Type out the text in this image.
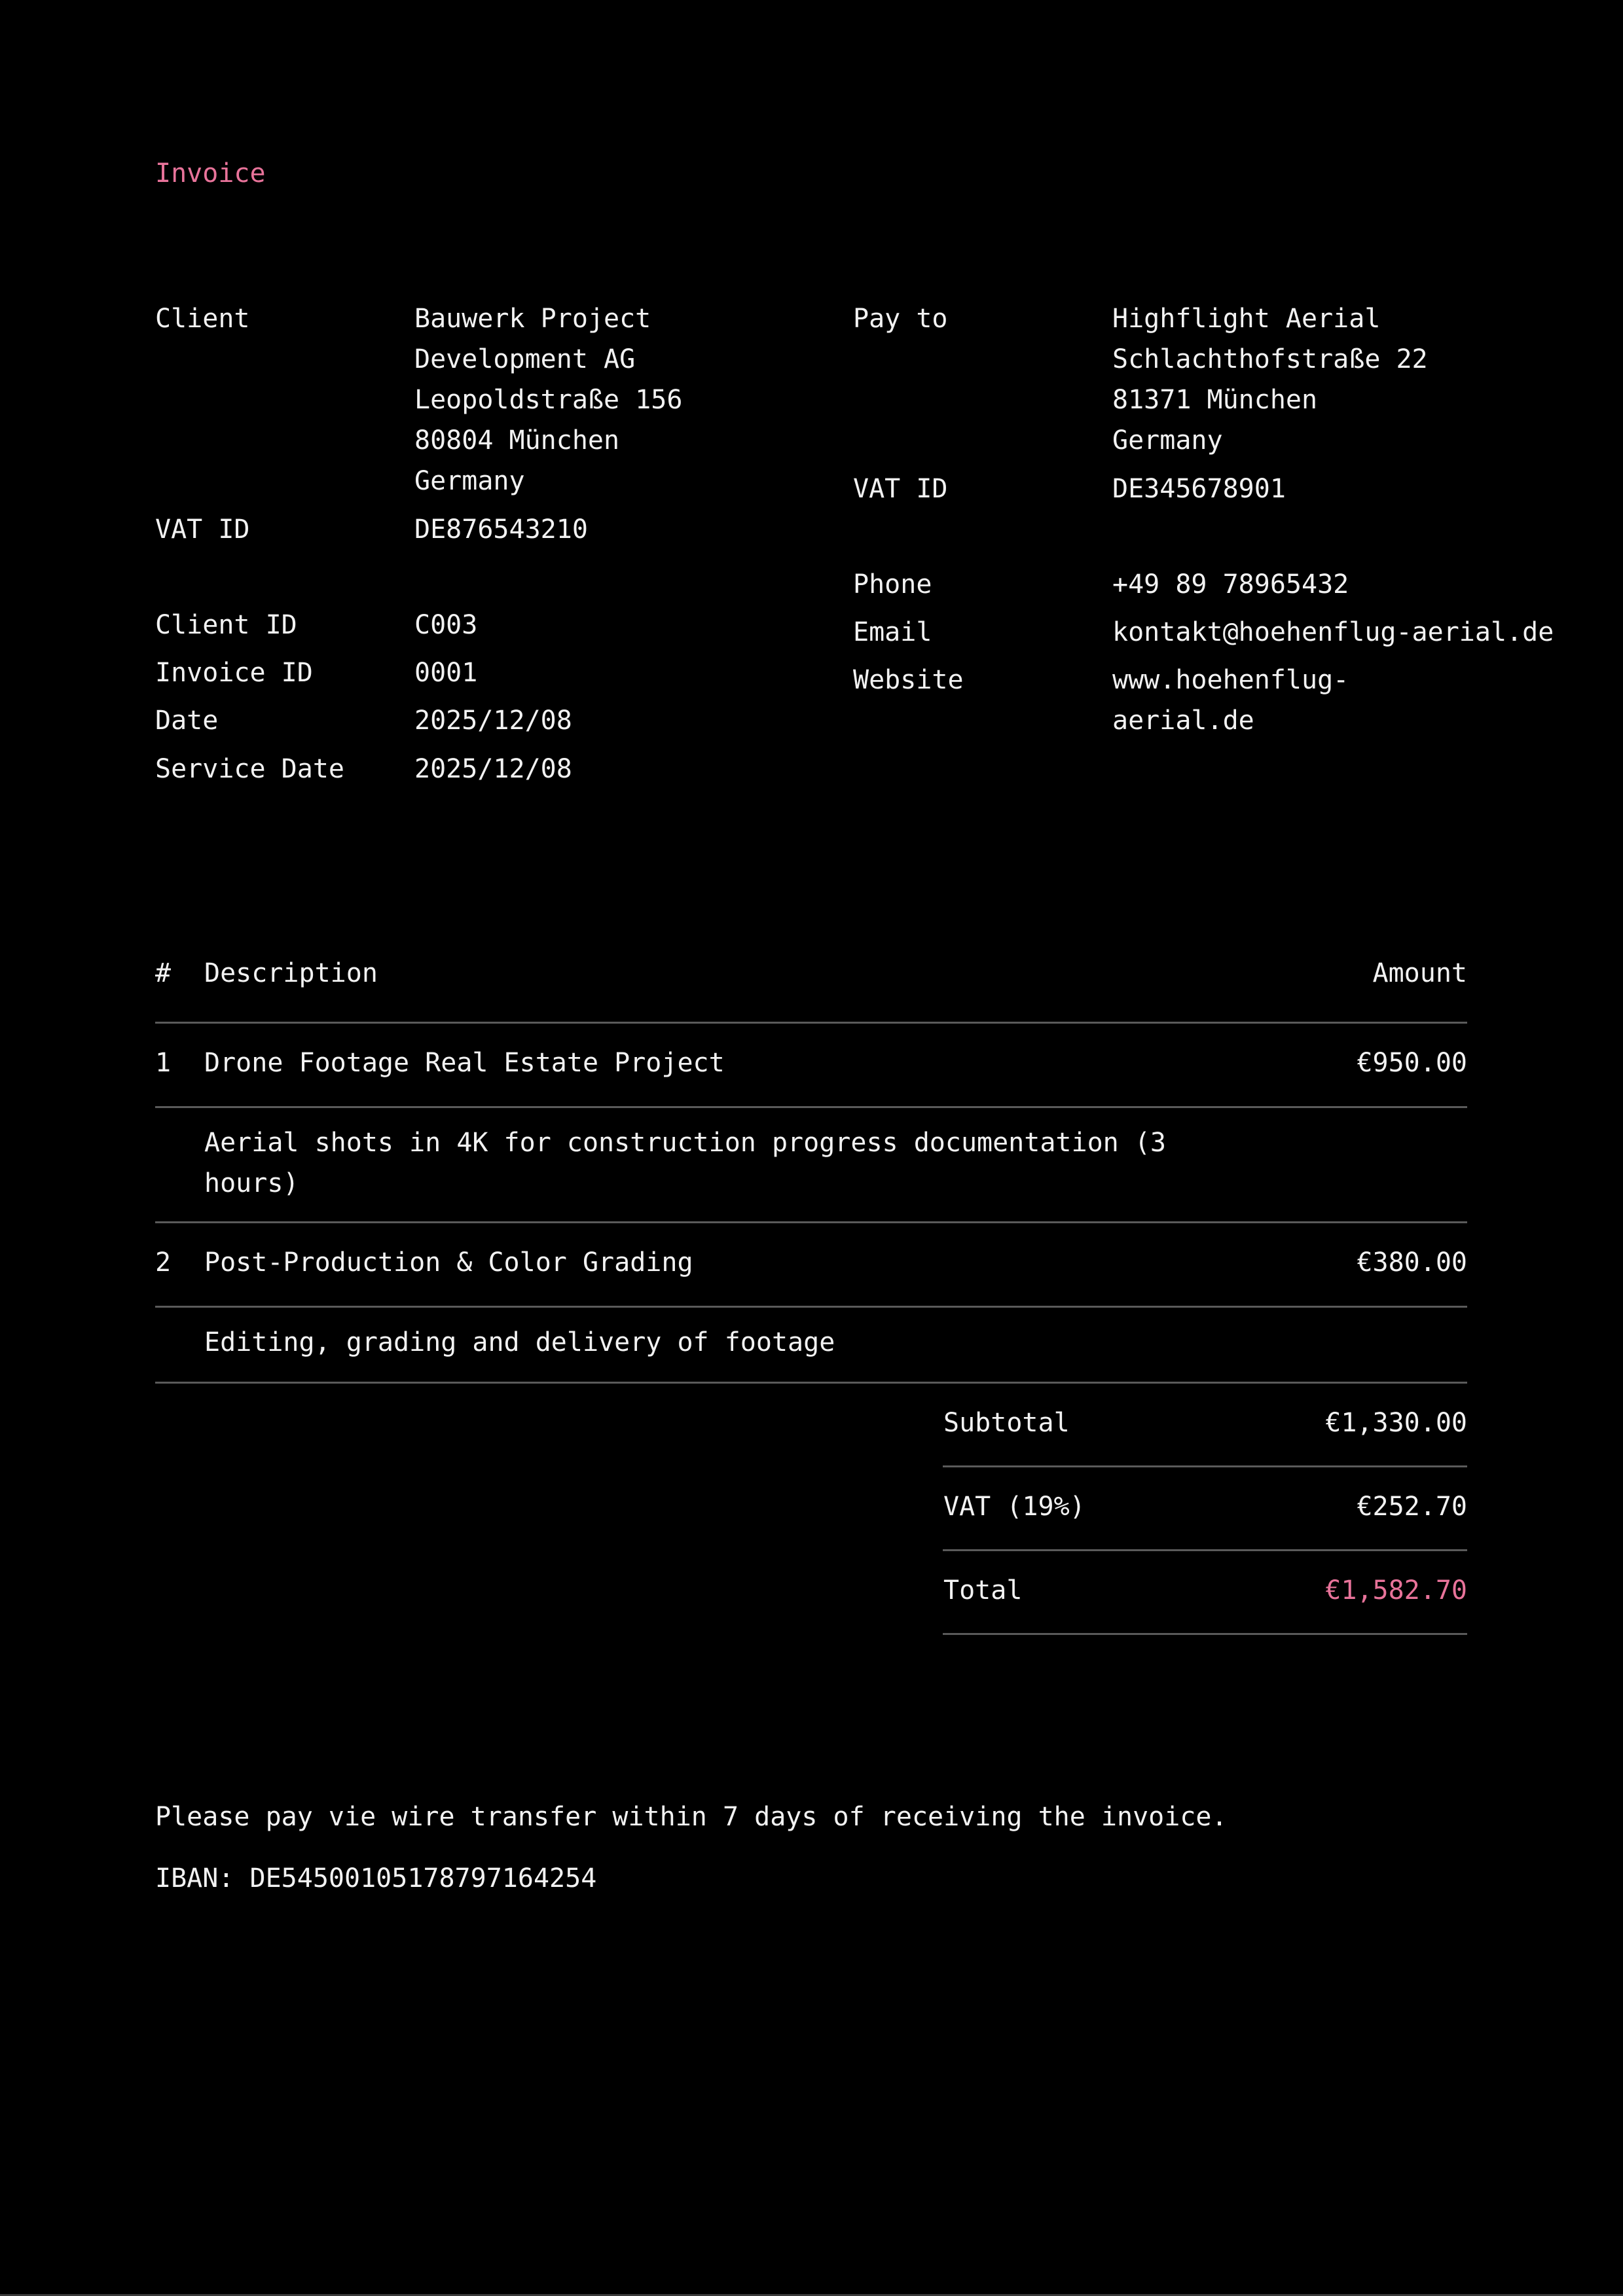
Invoice
Client	Bauwerk Project
Development AG
Leopoldstraße 156
80804 München
Germany
VAT ID	DE876543210
Client ID	C003
Invoice ID	0001
Date	2025/12/08
Service Date	2025/12/08
Pay to	Highflight Aerial
Schlachthofstraße 22
81371 München
Germany
VAT ID	DE345678901
Phone	+49 89 78965432
Email	kontakt@hoehenflug-aerial.de
Website	www.hoehenflug-
aerial.de
# Description	Amount
1 Drone Footage Real Estate Project	€950.00
Aerial shots in 4K for construction progress documentation (3
hours)
2 Post-Production & Color Grading	€380.00
Editing, grading and delivery of footage
Subtotal	€1,330.00
VAT (19%)	€252.70
Total	€1,582.70
Please pay vie wire transfer within 7 days of receiving the invoice.
IBAN: DE54500105178797164254
